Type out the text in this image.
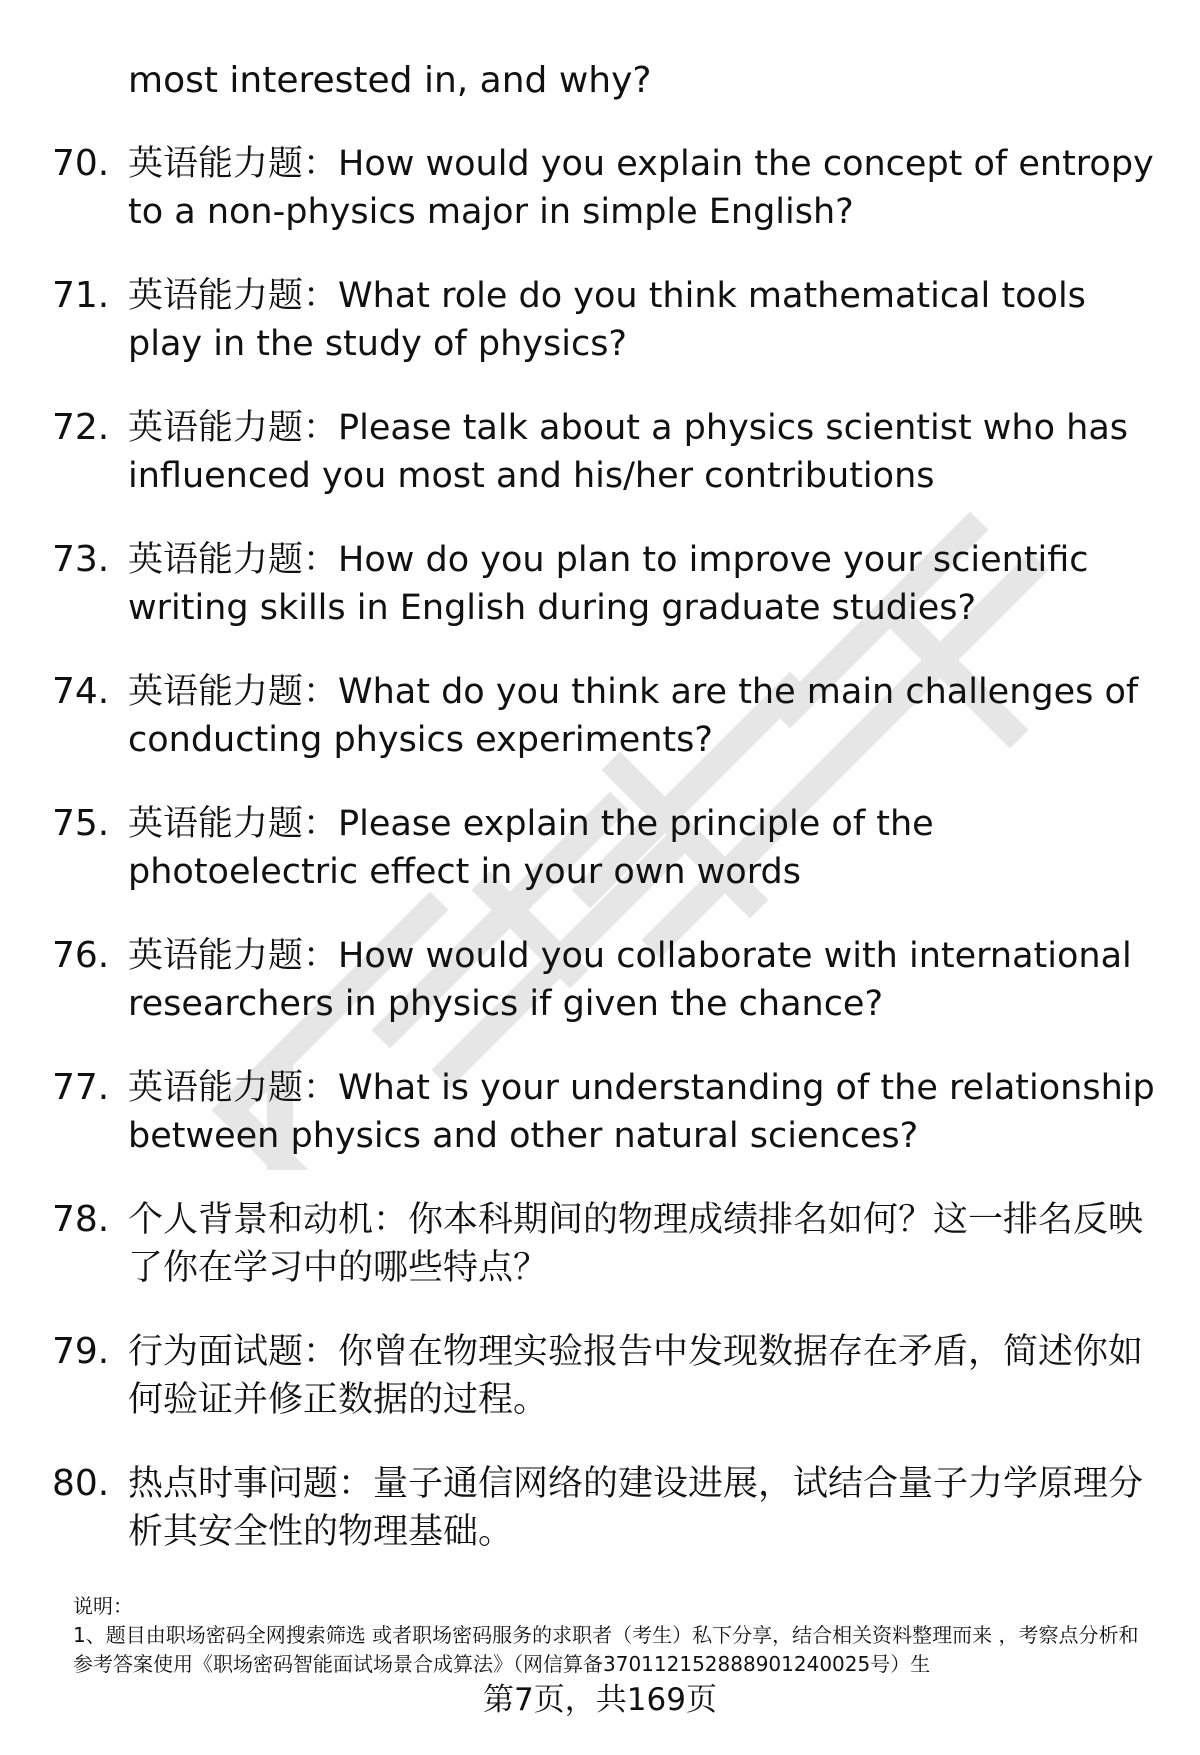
most interested in, and why?
70. 英语能力题：How would you explain the concept of entropy to a non-physics major in simple English?
71. 英语能力题：What role do you think mathematical tools play in the study of physics?
72. 英语能力题：Please talk about a physics scientist who has influenced you most and his/her contributions
73. 英语能力题：How do you plan to improve your scientific writing skills in English during graduate studies?
74. 英语能力题：What do you think are the main challenges of conducting physics experiments?
75. 英语能力题：Please explain the principle of the photoelectric effect in your own words
76. 英语能力题：How would you collaborate with international researchers in physics if given the chance?
77. 英语能力题：What is your understanding of the relationship between physics and other natural sciences?
78. 个人背景和动机：你本科期间的物理成绩排名如何？这一排名反映了你在学习中的哪些特点？
79. 行为面试题：你曾在物理实验报告中发现数据存在矛盾，简述你如何验证并修正数据的过程。
80. 热点时事问题：量子通信网络的建设进展，试结合量子力学原理分析其安全性的物理基础。

说明：

1、题目由职场密码全网搜索筛选 或者职场密码服务的求职者（考生）私下分享，结合相关资料整理而来 ，考察点分析和参考答案使用《职场密码智能面试场景合成算法》（网信算备370112152888901240025号）生

第7页，共169页
